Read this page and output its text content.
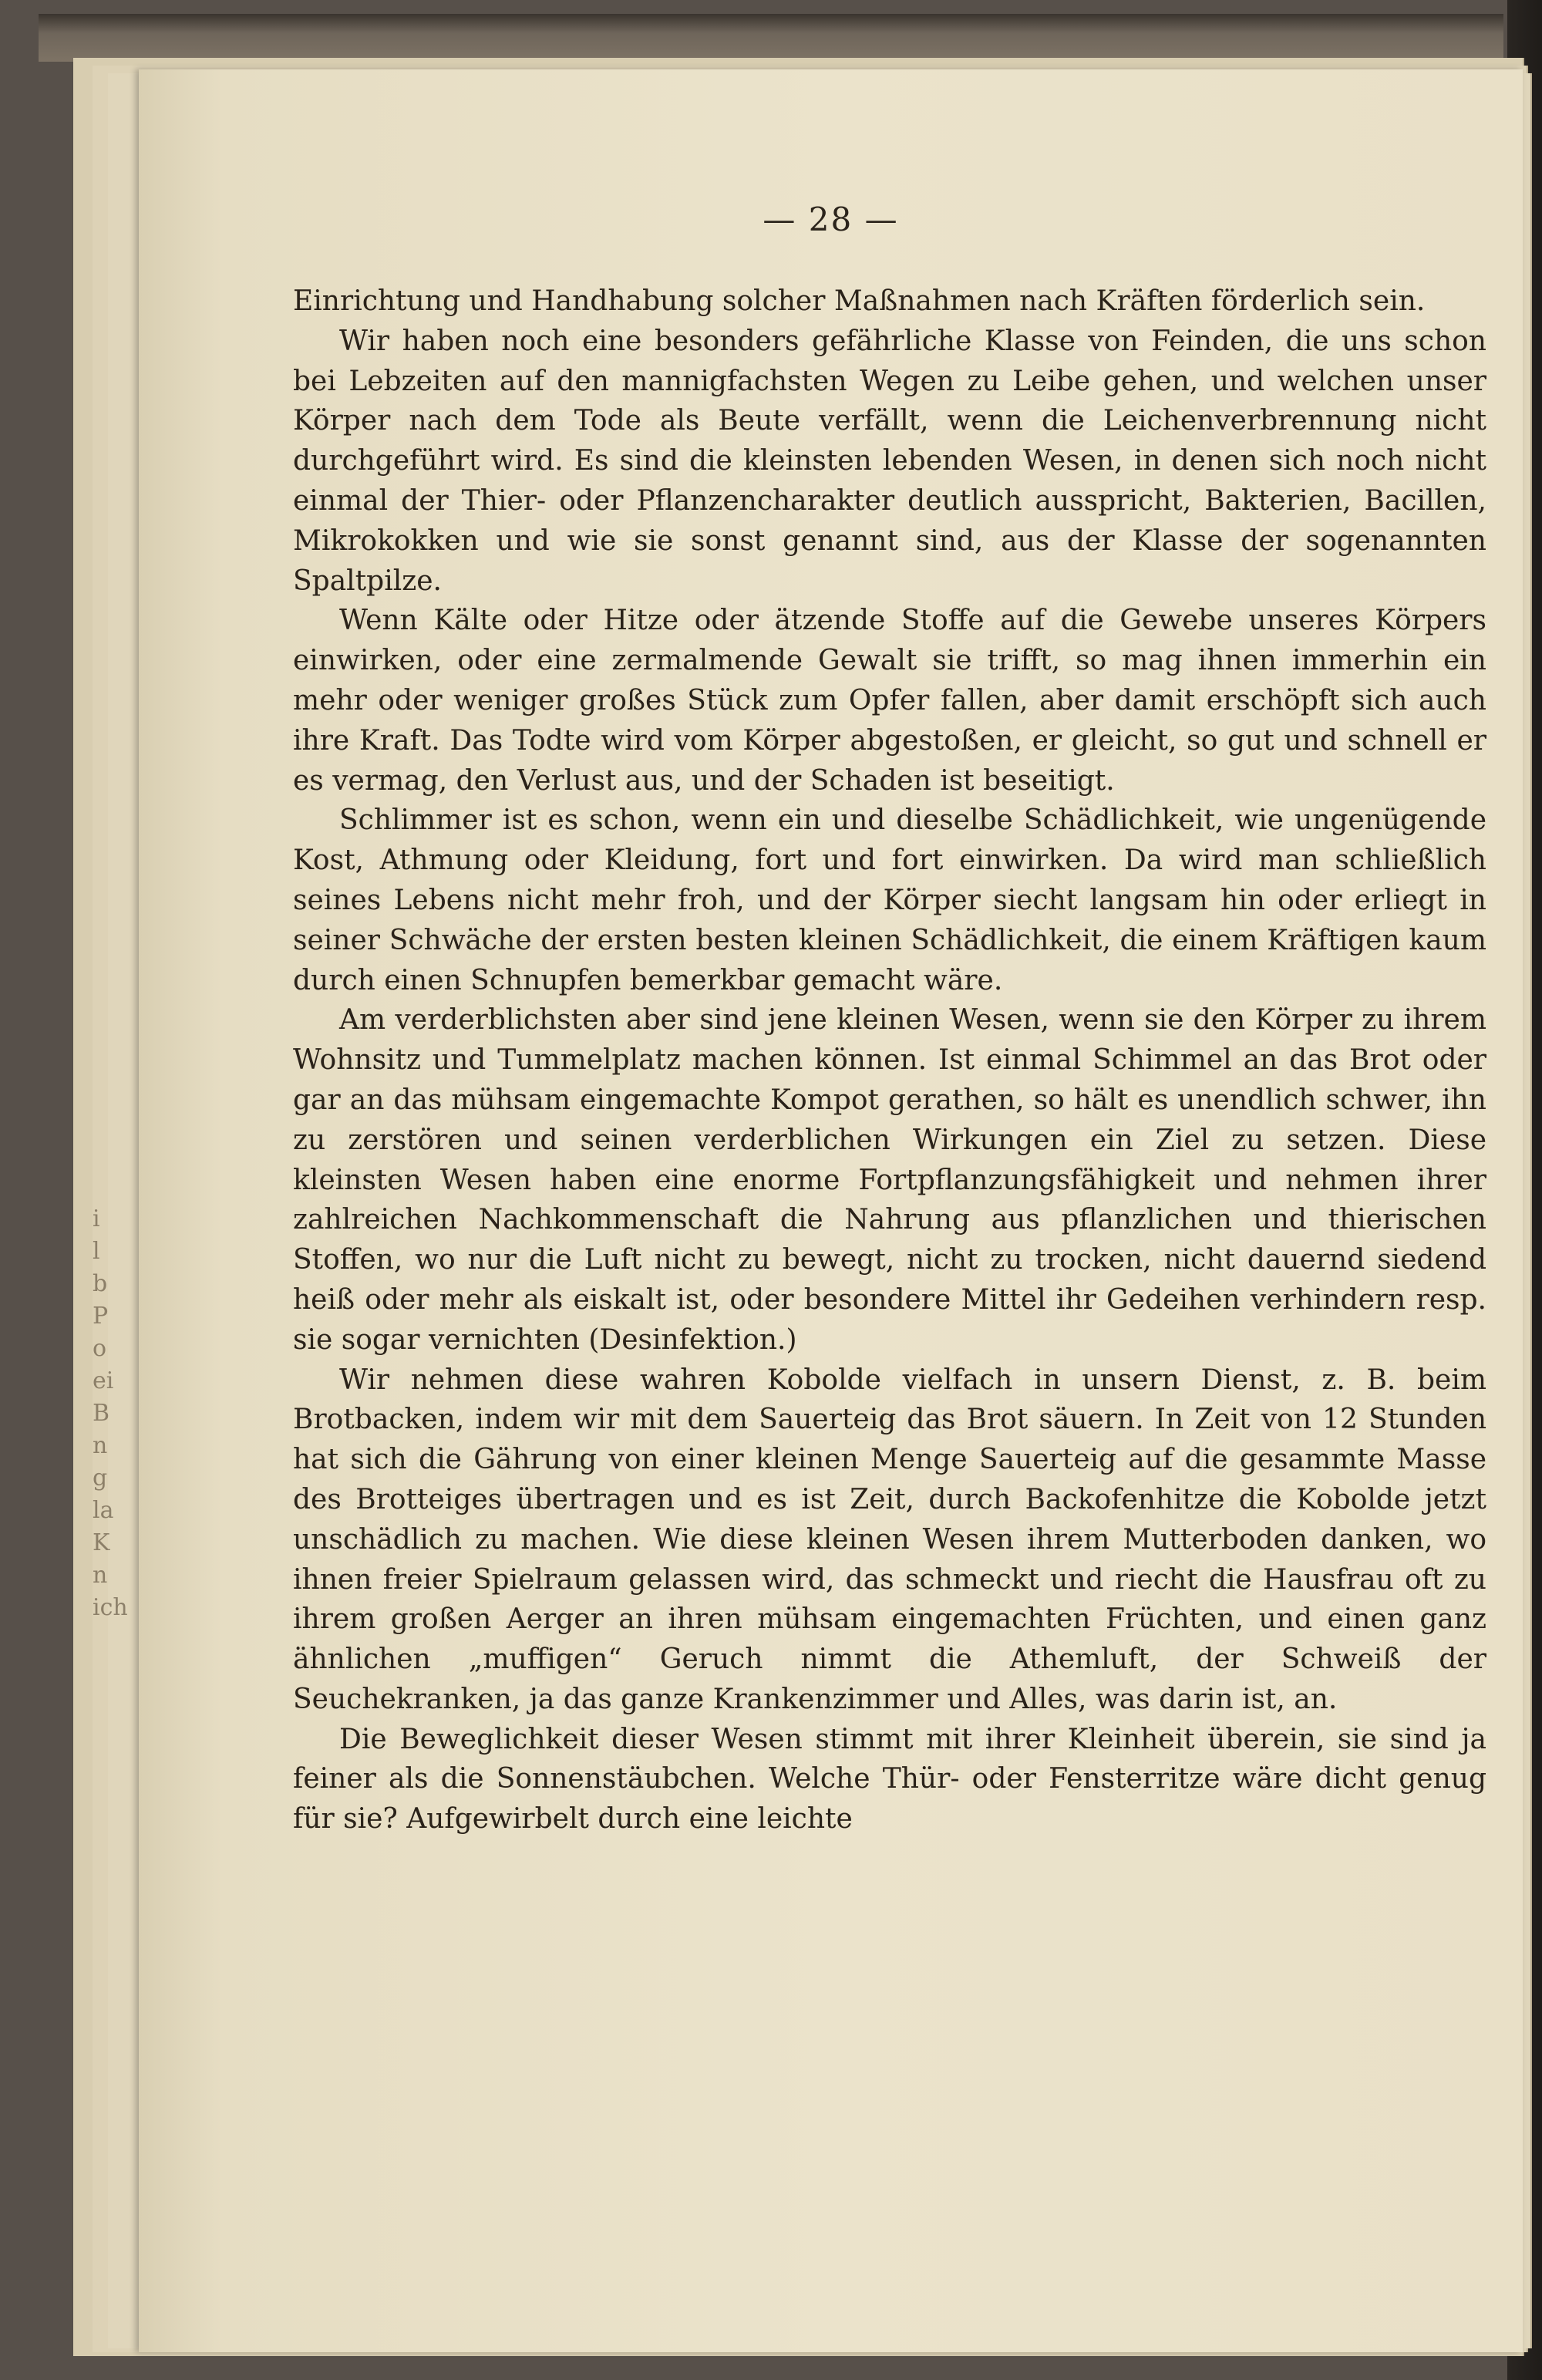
i
l
b
P
o
ei
B
n
g
la
K
n
ich
— 28 —

Einrichtung und Handhabung solcher Maßnahmen nach Kräften förderlich sein.

Wir haben noch eine besonders gefährliche Klasse von Feinden, die uns schon bei Lebzeiten auf den mannigfachsten Wegen zu Leibe gehen, und welchen unser Körper nach dem Tode als Beute verfällt, wenn die Leichenverbrennung nicht durchgeführt wird. Es sind die kleinsten lebenden Wesen, in denen sich noch nicht einmal der Thier- oder Pflanzencharakter deutlich ausspricht, Bakterien, Bacillen, Mikrokokken und wie sie sonst genannt sind, aus der Klasse der sogenannten Spaltpilze.

Wenn Kälte oder Hitze oder ätzende Stoffe auf die Gewebe unseres Körpers einwirken, oder eine zermalmende Gewalt sie trifft, so mag ihnen immerhin ein mehr oder weniger großes Stück zum Opfer fallen, aber damit erschöpft sich auch ihre Kraft. Das Todte wird vom Körper abgestoßen, er gleicht, so gut und schnell er es vermag, den Verlust aus, und der Schaden ist beseitigt.

Schlimmer ist es schon, wenn ein und dieselbe Schädlichkeit, wie ungenügende Kost, Athmung oder Kleidung, fort und fort einwirken. Da wird man schließlich seines Lebens nicht mehr froh, und der Körper siecht langsam hin oder erliegt in seiner Schwäche der ersten besten kleinen Schädlichkeit, die einem Kräftigen kaum durch einen Schnupfen bemerkbar gemacht wäre.

Am verderblichsten aber sind jene kleinen Wesen, wenn sie den Körper zu ihrem Wohnsitz und Tummelplatz machen können. Ist einmal Schimmel an das Brot oder gar an das mühsam eingemachte Kompot gerathen, so hält es unendlich schwer, ihn zu zerstören und seinen verderblichen Wirkungen ein Ziel zu setzen. Diese kleinsten Wesen haben eine enorme Fortpflanzungsfähigkeit und nehmen ihrer zahlreichen Nachkommenschaft die Nahrung aus pflanzlichen und thierischen Stoffen, wo nur die Luft nicht zu bewegt, nicht zu trocken, nicht dauernd siedend heiß oder mehr als eiskalt ist, oder besondere Mittel ihr Gedeihen verhindern resp. sie sogar vernichten (Desinfektion.)

Wir nehmen diese wahren Kobolde vielfach in unsern Dienst, z. B. beim Brotbacken, indem wir mit dem Sauerteig das Brot säuern. In Zeit von 12 Stunden hat sich die Gährung von einer kleinen Menge Sauerteig auf die gesammte Masse des Brotteiges übertragen und es ist Zeit, durch Backofenhitze die Kobolde jetzt unschädlich zu machen. Wie diese kleinen Wesen ihrem Mutterboden danken, wo ihnen freier Spielraum gelassen wird, das schmeckt und riecht die Hausfrau oft zu ihrem großen Aerger an ihren mühsam eingemachten Früchten, und einen ganz ähnlichen „muffigen“ Geruch nimmt die Athemluft, der Schweiß der Seuchekranken, ja das ganze Krankenzimmer und Alles, was darin ist, an.

Die Beweglichkeit dieser Wesen stimmt mit ihrer Kleinheit überein, sie sind ja feiner als die Sonnenstäubchen. Welche Thür- oder Fensterritze wäre dicht genug für sie? Aufgewirbelt durch eine leichte
